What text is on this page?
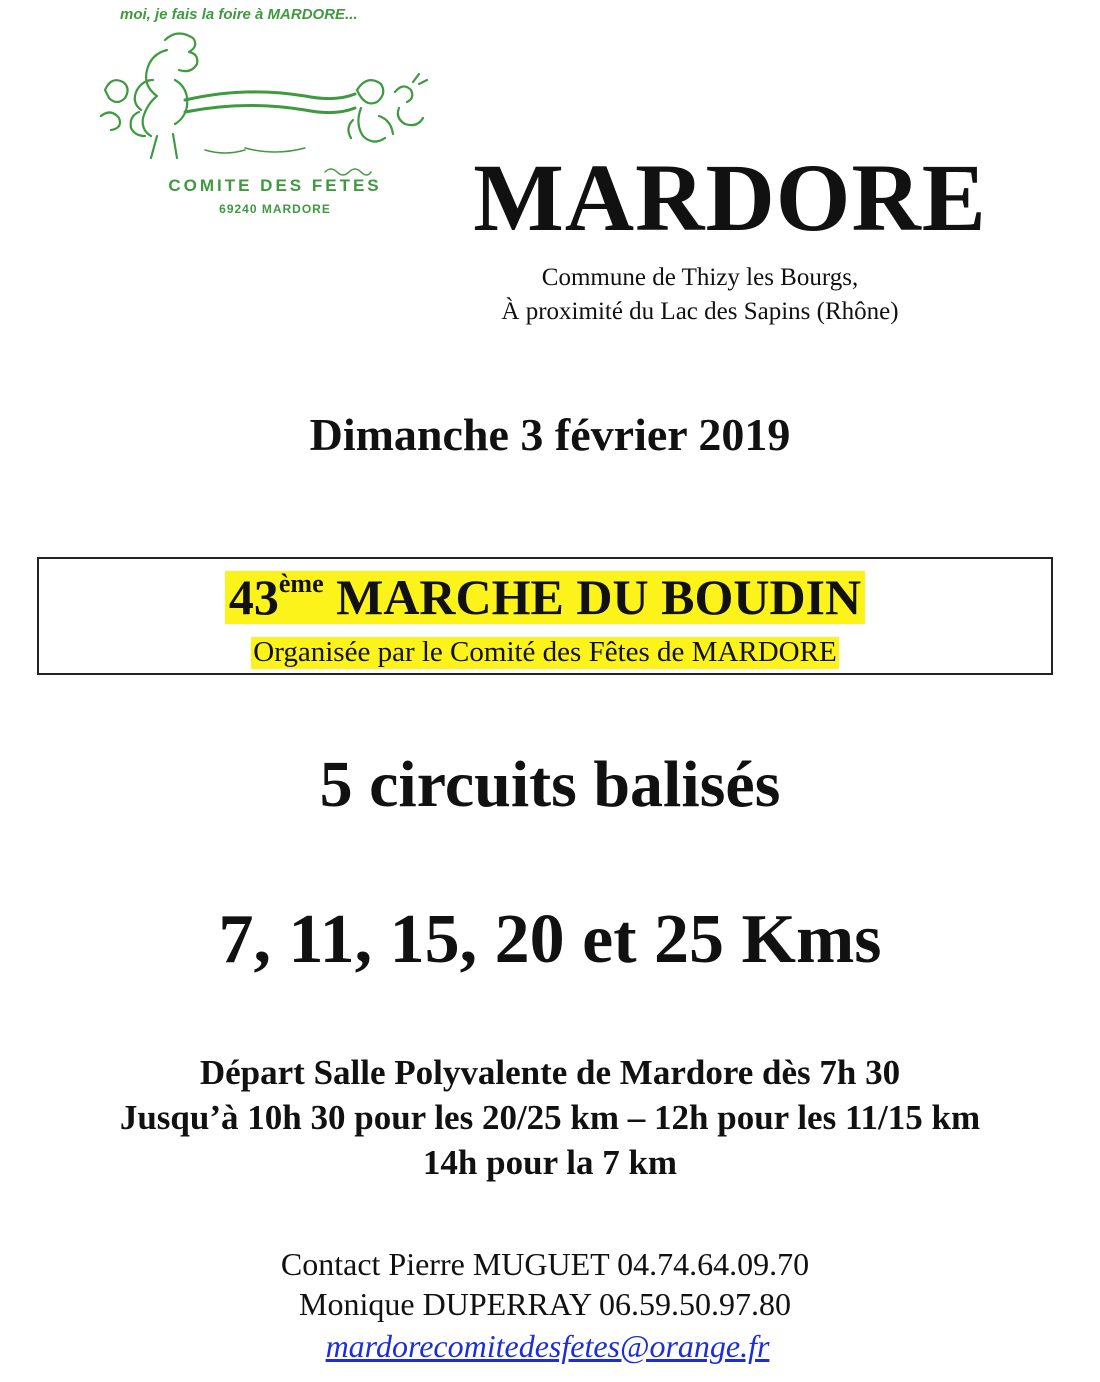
moi, je fais la foire à MARDORE...
COMITE DES FETES
69240 MARDORE	MARDORE
Commune de Thizy les Bourgs,
À proximité du Lac des Sapins (Rhône)
Dimanche 3 février 2019
43ème MARCHE DU BOUDIN
Organisée par le Comité des Fêtes de MARDORE
5 circuits balisés
7, 11, 15, 20 et 25 Kms
Départ Salle Polyvalente de Mardore dès 7h 30
Jusqu’à 10h 30 pour les 20/25 km – 12h pour les 11/15 km
14h pour la 7 km
Contact Pierre MUGUET 04.74.64.09.70
Monique DUPERRAY 06.59.50.97.80
mardorecomitedesfetes@orange.fr
